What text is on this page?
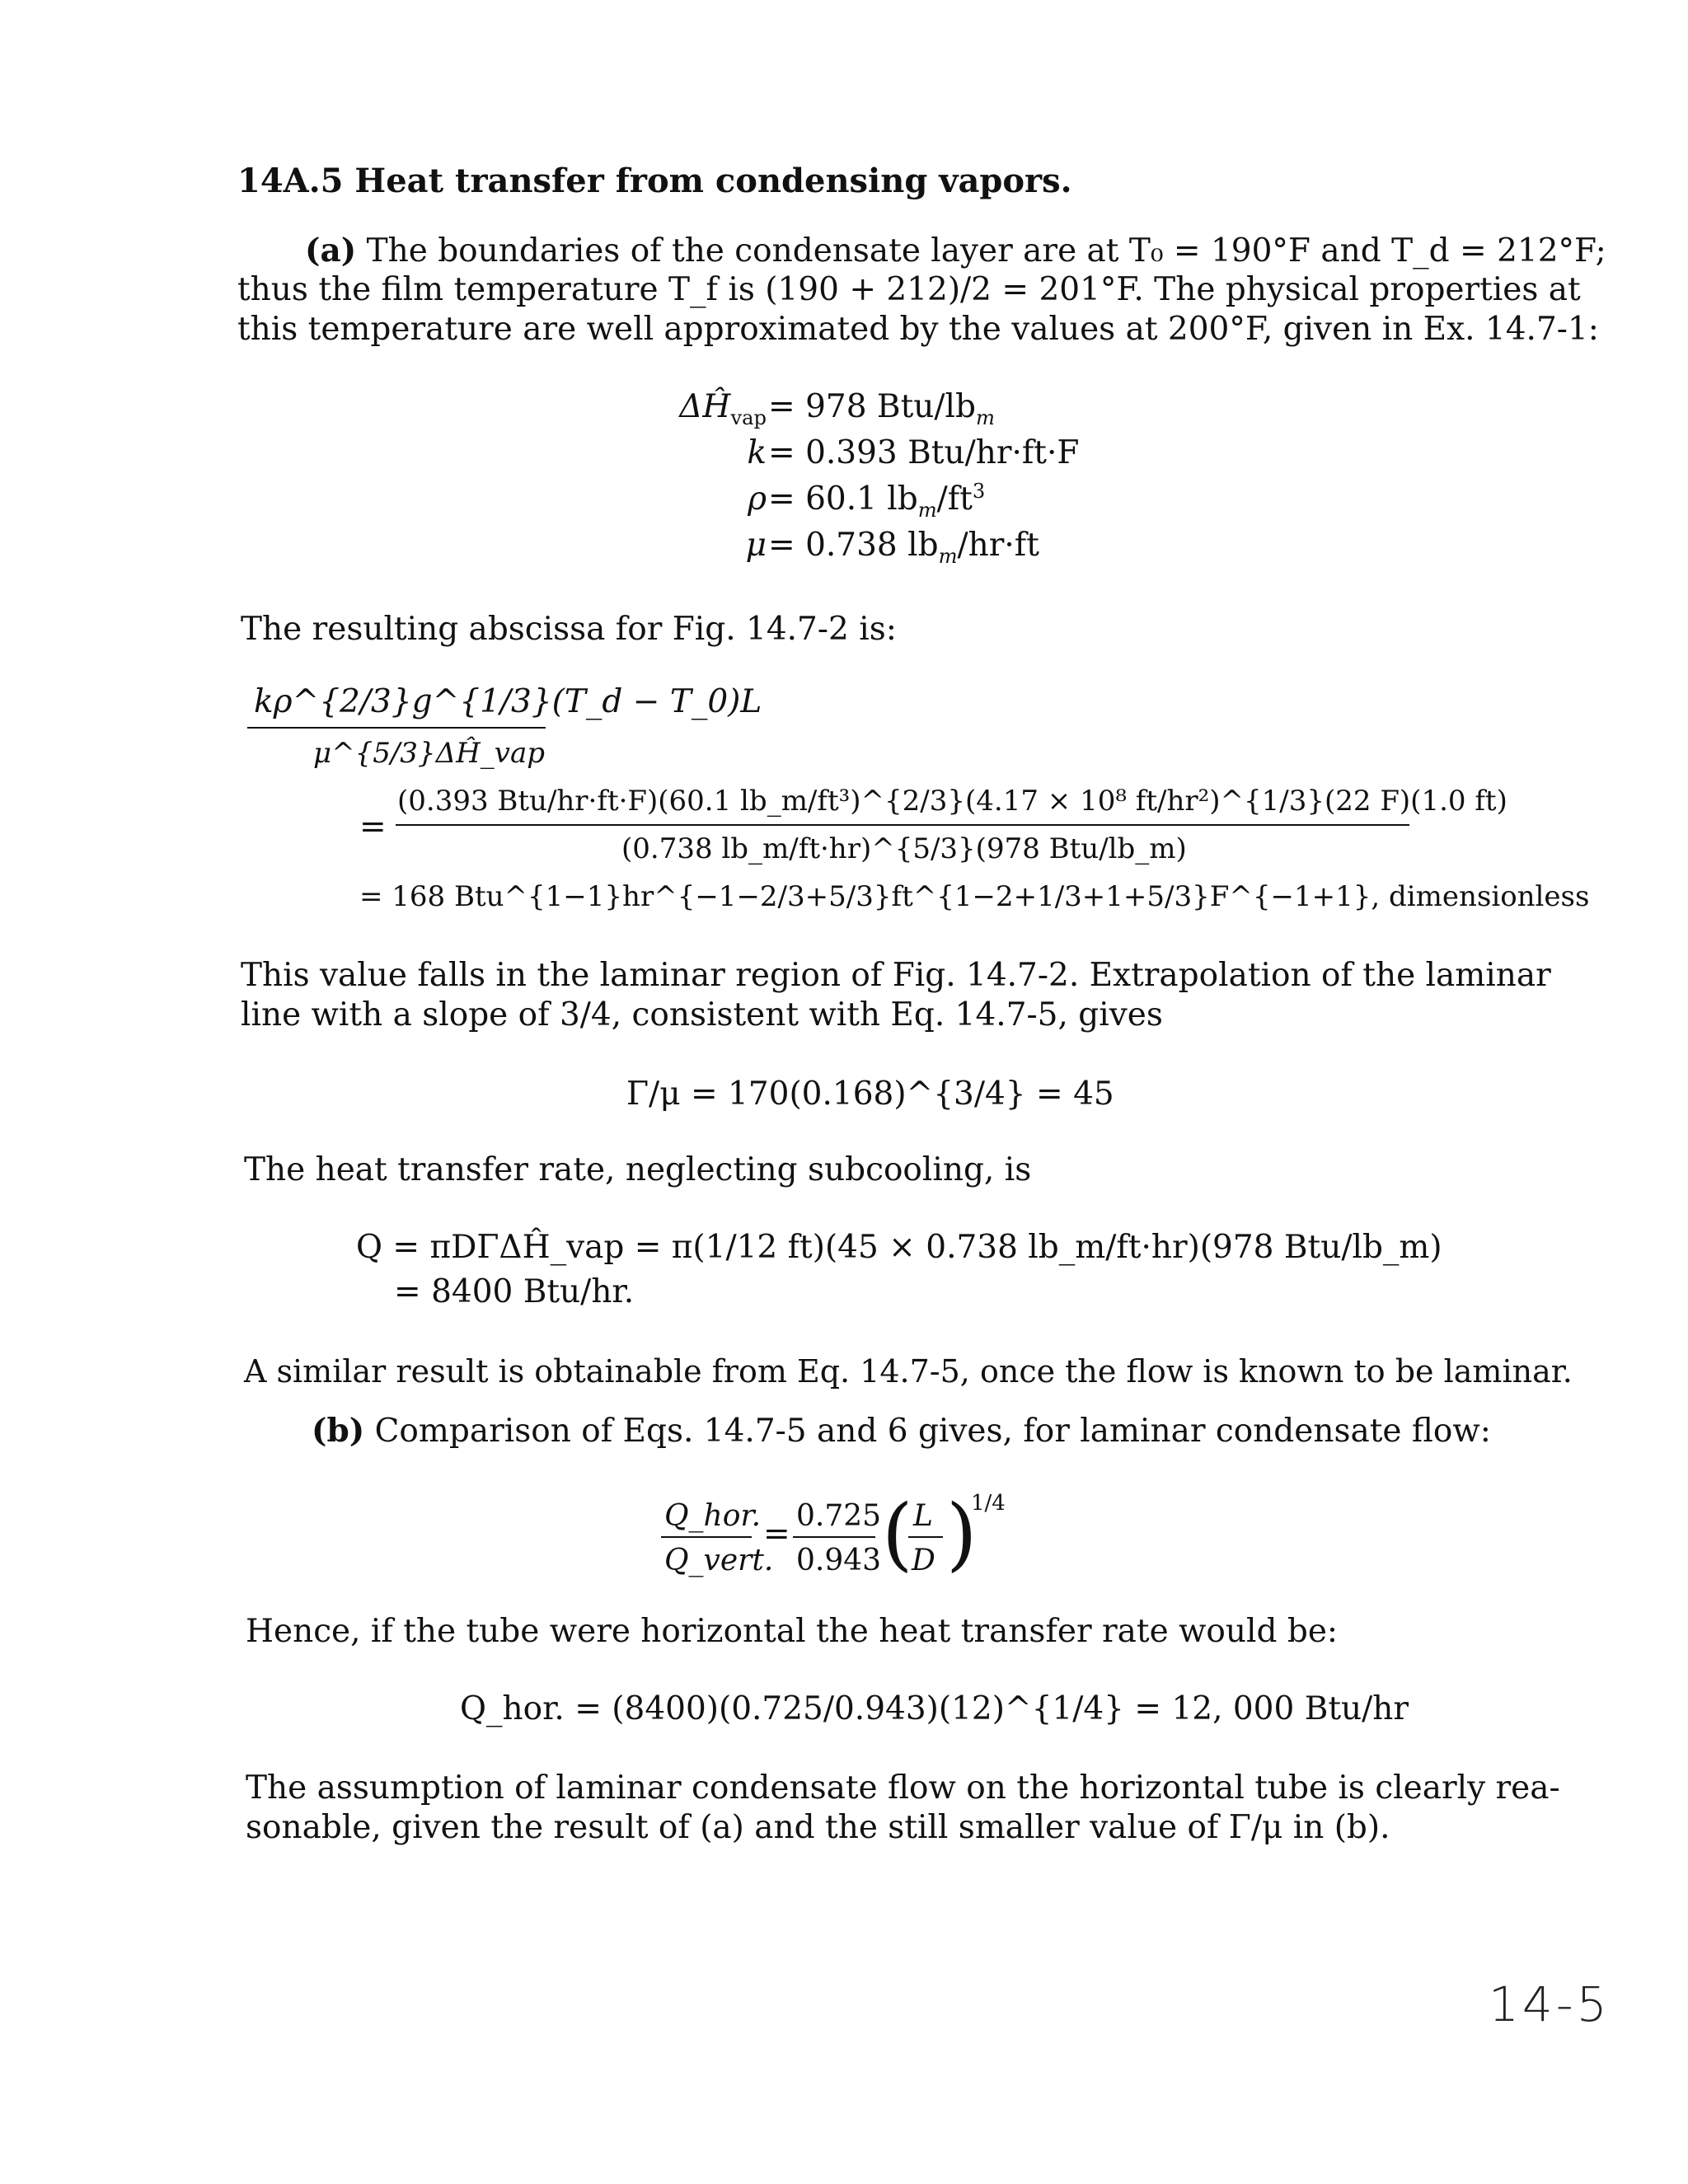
14A.5 Heat transfer from condensing vapors.
(a) The boundaries of the condensate layer are at T₀ = 190°F and T_d = 212°F;
thus the film temperature T_f is (190 + 212)/2 = 201°F. The physical properties at
this temperature are well approximated by the values at 200°F, given in Ex. 14.7-1:
$\Delta Ĥ_{vap} = 978$ Btu/$lb_m$
k = 0.393 Btu/hr·ft·F
ρ = 60.1 $lb_m/ft^3$
μ = 0.738 $lb_m/hr\cdot ft$
The resulting abscissa for Fig. 14.7-2 is:
kρ^{2/3}g^{1/3}(T_d − T_0)L
μ^{5/3}ΔĤ_vap
=
(0.393 Btu/hr·ft·F)(60.1 lb_m/ft³)^{2/3}(4.17 × 10⁸ ft/hr²)^{1/3}(22 F)(1.0 ft)
(0.738 lb_m/ft·hr)^{5/3}(978 Btu/lb_m)
= 168 Btu^{1−1}hr^{−1−2/3+5/3}ft^{1−2+1/3+1+5/3}F^{−1+1}, dimensionless
This value falls in the laminar region of Fig. 14.7-2. Extrapolation of the laminar
line with a slope of 3/4, consistent with Eq. 14.7-5, gives
Γ/μ = 170(0.168)^{3/4} = 45
The heat transfer rate, neglecting subcooling, is
Q = πDΓΔĤ_vap = π(1/12 ft)(45 × 0.738 lb_m/ft·hr)(978 Btu/lb_m)
= 8400 Btu/hr.
A similar result is obtainable from Eq. 14.7-5, once the flow is known to be laminar.
(b) Comparison of Eqs. 14.7-5 and 6 gives, for laminar condensate flow:
Q_hor.
Q_vert.
= 0.725
0.943 ( L
D )
1/4
Hence, if the tube were horizontal the heat transfer rate would be:
Q_hor. = (8400)(0.725/0.943)(12)^{1/4} = 12, 000 Btu/hr
The assumption of laminar condensate flow on the horizontal tube is clearly rea-
sonable, given the result of (a) and the still smaller value of Γ/μ in (b).
14-5
